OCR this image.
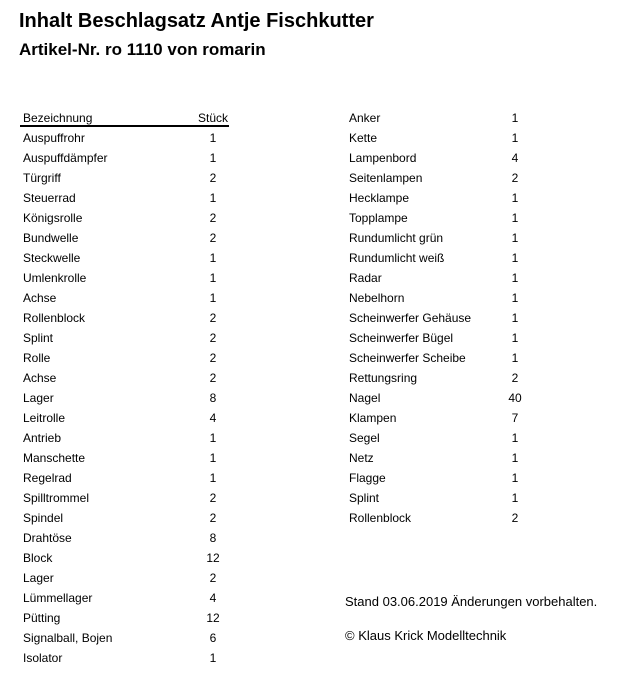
Inhalt Beschlagsatz Antje Fischkutter
Artikel-Nr. ro 1110 von romarin
Bezeichnung	Stück
Auspuffrohr	1
Auspuffdämpfer	1
Türgriff	2
Steuerrad	1
Königsrolle	2
Bundwelle	2
Steckwelle	1
Umlenkrolle	1
Achse	1
Rollenblock	2
Splint	2
Rolle	2
Achse	2
Lager	8
Leitrolle	4
Antrieb	1
Manschette	1
Regelrad	1
Spilltrommel	2
Spindel	2
Drahtöse	8
Block	12
Lager	2
Lümmellager	4
Pütting	12
Signalball, Bojen	6
Isolator	1
Anker	1
Kette	1
Lampenbord	4
Seitenlampen	2
Hecklampe	1
Topplampe	1
Rundumlicht grün	1
Rundumlicht weiß	1
Radar	1
Nebelhorn	1
Scheinwerfer Gehäuse	1
Scheinwerfer Bügel	1
Scheinwerfer Scheibe	1
Rettungsring	2
Nagel	40
Klampen	7
Segel	1
Netz	1
Flagge	1
Splint	1
Rollenblock	2
Stand 03.06.2019 Änderungen vorbehalten.
© Klaus Krick Modelltechnik
